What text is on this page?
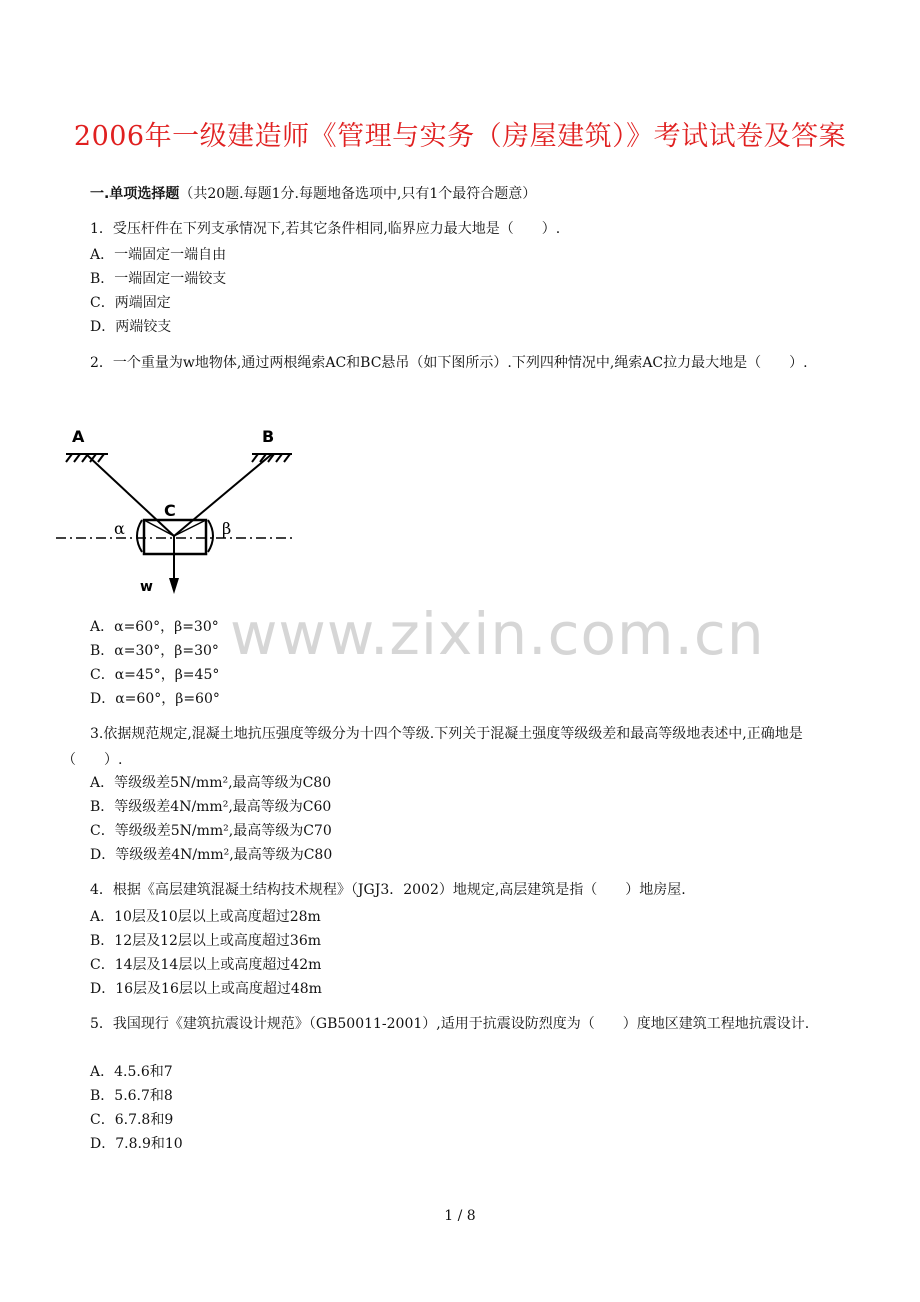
2006年一级建造师《管理与实务（房屋建筑）》考试试卷及答案
一.单项选择题（共20题.每题1分.每题地备选项中,只有1个最符合题意）
1．受压杆件在下列支承情况下,若其它条件相同,临界应力最大地是（　　）.
A．一端固定一端自由
B．一端固定一端铰支
C．两端固定
D．两端铰支
2．一个重量为w地物体,通过两根绳索AC和BC悬吊（如下图所示）.下列四种情况中,绳索AC拉力最大地是（　　）.
A	B
C
α	β
w
www.zixin.com.cn
A．α=60°，β=30°
B．α=30°，β=30°
C．α=45°，β=45°
D．α=60°，β=60°
3.依据规范规定,混凝土地抗压强度等级分为十四个等级.下列关于混凝土强度等级级差和最高等级地表述中,正确地是（　　）.
A．等级级差5N/mm²,最高等级为C80
B．等级级差4N/mm²,最高等级为C60
C．等级级差5N/mm²,最高等级为C70
D．等级级差4N/mm²,最高等级为C80
4．根据《高层建筑混凝土结构技术规程》（JGJ3．2002）地规定,高层建筑是指（　　）地房屋.
A．10层及10层以上或高度超过28m
B．12层及12层以上或高度超过36m
C．14层及14层以上或高度超过42m
D．16层及16层以上或高度超过48m
5．我国现行《建筑抗震设计规范》（GB50011-2001）,适用于抗震设防烈度为（　　）度地区建筑工程地抗震设计.
A．4.5.6和7
B．5.6.7和8
C．6.7.8和9
D．7.8.9和10
1 / 8
